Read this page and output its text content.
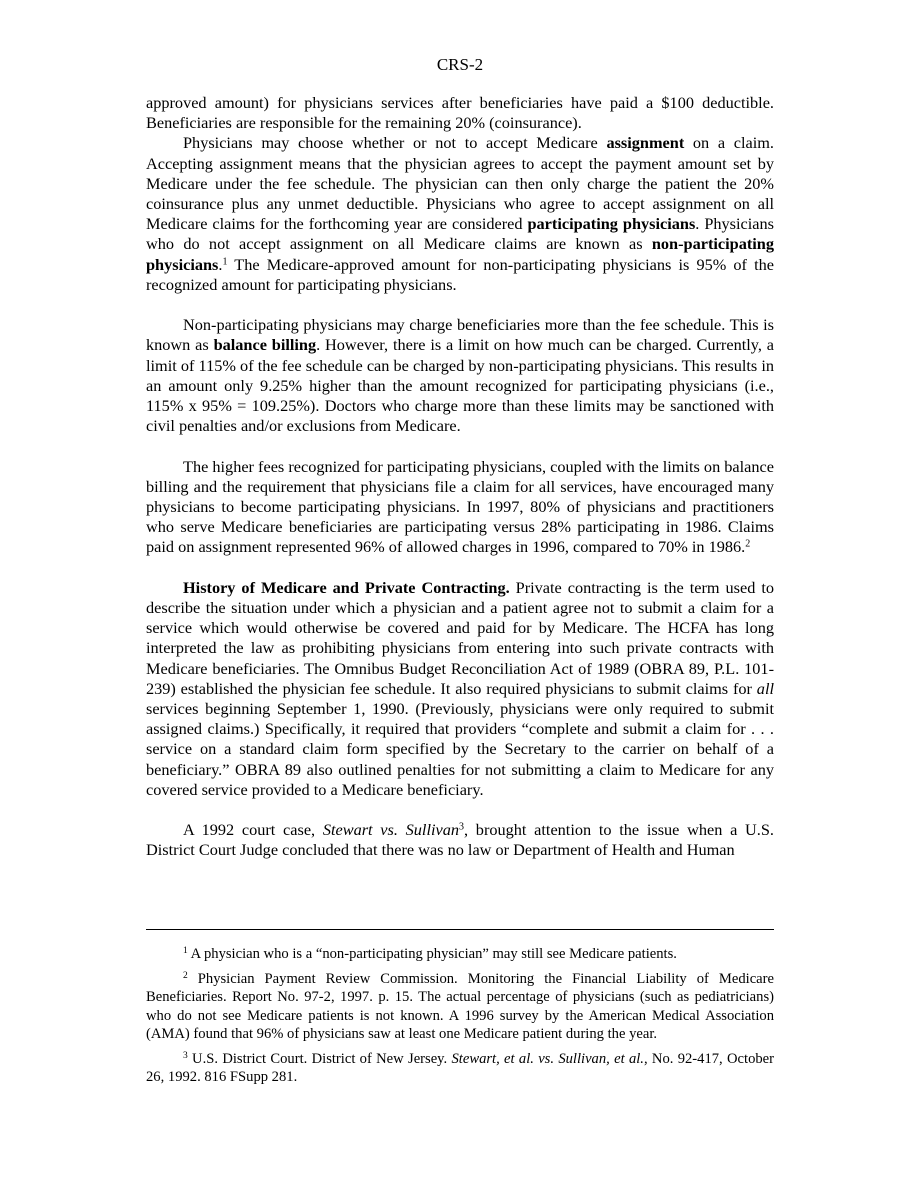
CRS-2

approved amount) for physicians services after beneficiaries have paid a $100 deductible. Beneficiaries are responsible for the remaining 20% (coinsurance).

Physicians may choose whether or not to accept Medicare assignment on a claim. Accepting assignment means that the physician agrees to accept the payment amount set by Medicare under the fee schedule. The physician can then only charge the patient the 20% coinsurance plus any unmet deductible. Physicians who agree to accept assignment on all Medicare claims for the forthcoming year are considered participating physicians. Physicians who do not accept assignment on all Medicare claims are known as non-participating physicians.$^1$ The Medicare-approved amount for non-participating physicians is 95% of the recognized amount for participating physicians.

Non-participating physicians may charge beneficiaries more than the fee schedule. This is known as balance billing. However, there is a limit on how much can be charged. Currently, a limit of 115% of the fee schedule can be charged by non-participating physicians. This results in an amount only 9.25% higher than the amount recognized for participating physicians (i.e., 115% x 95% = 109.25%). Doctors who charge more than these limits may be sanctioned with civil penalties and/or exclusions from Medicare.

The higher fees recognized for participating physicians, coupled with the limits on balance billing and the requirement that physicians file a claim for all services, have encouraged many physicians to become participating physicians. In 1997, 80% of physicians and practitioners who serve Medicare beneficiaries are participating versus 28% participating in 1986. Claims paid on assignment represented 96% of allowed charges in 1996, compared to 70% in 1986.$^2$

History of Medicare and Private Contracting. Private contracting is the term used to describe the situation under which a physician and a patient agree not to submit a claim for a service which would otherwise be covered and paid for by Medicare. The HCFA has long interpreted the law as prohibiting physicians from entering into such private contracts with Medicare beneficiaries. The Omnibus Budget Reconciliation Act of 1989 (OBRA 89, P.L. 101-239) established the physician fee schedule. It also required physicians to submit claims for all services beginning September 1, 1990. (Previously, physicians were only required to submit assigned claims.) Specifically, it required that providers “complete and submit a claim for . . . service on a standard claim form specified by the Secretary to the carrier on behalf of a beneficiary.” OBRA 89 also outlined penalties for not submitting a claim to Medicare for any covered service provided to a Medicare beneficiary.

A 1992 court case, Stewart vs. Sullivan$^3$, brought attention to the issue when a U.S. District Court Judge concluded that there was no law or Department of Health and Human

$^1$ A physician who is a “non-participating physician” may still see Medicare patients.

$^2$ Physician Payment Review Commission. Monitoring the Financial Liability of Medicare Beneficiaries. Report No. 97-2, 1997. p. 15. The actual percentage of physicians (such as pediatricians) who do not see Medicare patients is not known. A 1996 survey by the American Medical Association (AMA) found that 96% of physicians saw at least one Medicare patient during the year.

$^3$ U.S. District Court. District of New Jersey. Stewart, et al. vs. Sullivan, et al., No. 92-417, October 26, 1992. 816 FSupp 281.
